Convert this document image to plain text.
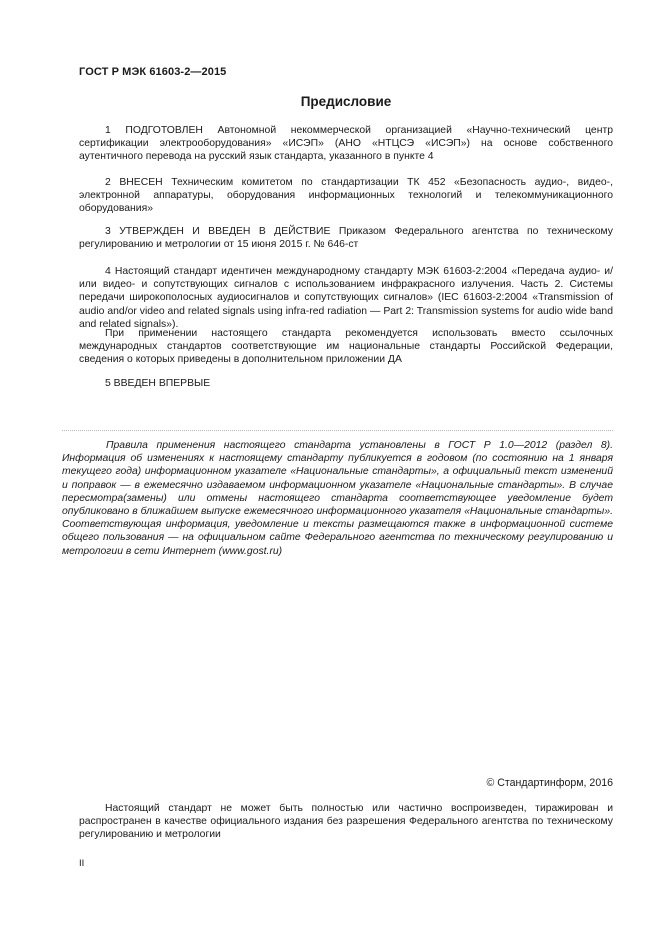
ГОСТ Р МЭК 61603-2—2015
Предисловие

1 ПОДГОТОВЛЕН Автономной некоммерческой организацией «Научно-технический центр сертификации электрооборудования» «ИСЭП» (АНО «НТЦСЭ «ИСЭП») на основе собственного аутентичного перевода на русский язык стандарта, указанного в пункте 4

2 ВНЕСЕН Техническим комитетом по стандартизации ТК 452 «Безопасность аудио-, видео-, электронной аппаратуры, оборудования информационных технологий и телекоммуникационного оборудования»

3 УТВЕРЖДЕН И ВВЕДЕН В ДЕЙСТВИЕ Приказом Федерального агентства по техническому регулированию и метрологии от 15 июня 2015 г. № 646-ст

4 Настоящий стандарт идентичен международному стандарту МЭК 61603-2:2004 «Передача аудио- и/или видео- и сопутствующих сигналов с использованием инфракрасного излучения. Часть 2. Системы передачи широкополосных аудиосигналов и сопутствующих сигналов» (IEC 61603-2:2004 «Transmission of audio and/or video and related signals using infra-red radiation — Part 2: Transmission systems for audio wide band and related signals»).

При применении настоящего стандарта рекомендуется использовать вместо ссылочных международных стандартов соответствующие им национальные стандарты Российской Федерации, сведения о которых приведены в дополнительном приложении ДА

5 ВВЕДЕН ВПЕРВЫЕ

Правила применения настоящего стандарта установлены в ГОСТ Р 1.0—2012 (раздел 8). Информация об изменениях к настоящему стандарту публикуется в годовом (по состоянию на 1 января текущего года) информационном указателе «Национальные стандарты», а официальный текст изменений и поправок — в ежемесячно издаваемом информационном указателе «Национальные стандарты». В случае пересмотра(замены) или отмены настоящего стандарта соответствующее уведомление будет опубликовано в ближайшем выпуске ежемесячного информационного указателя «Национальные стандарты». Соответствующая информация, уведомление и тексты размещаются также в информационной системе общего пользования — на официальном сайте Федерального агентства по техническому регулированию и метрологии в сети Интернет (www.gost.ru)

© Стандартинформ, 2016

Настоящий стандарт не может быть полностью или частично воспроизведен, тиражирован и распространен в качестве официального издания без разрешения Федерального агентства по техническому регулированию и метрологии

II
